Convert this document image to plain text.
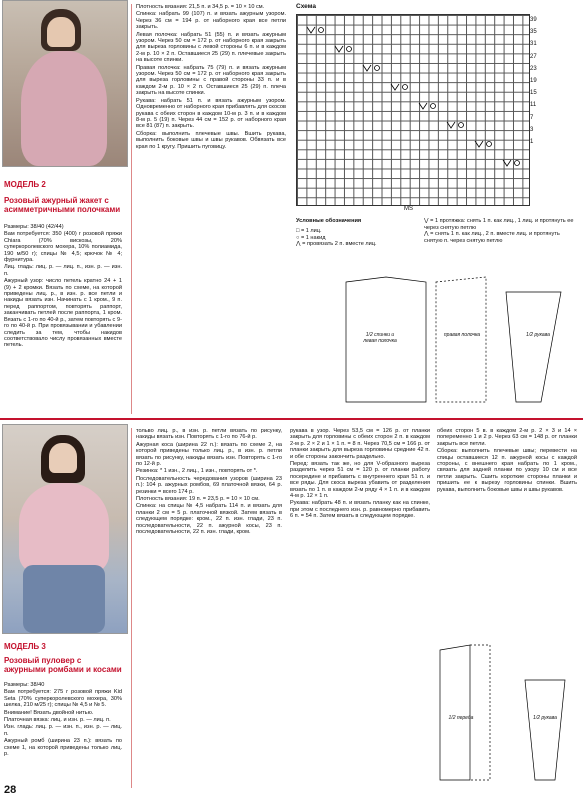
МОДЕЛЬ 2
Розовый ажурный жакет с асимметричными полочками

Размеры: 38/40 (42/44)

Вам потребуется: 350 (400) г розовой пряжи Chiara (70% вискозы, 20% суперкоролевского мохера, 10% полиамида, 190 м/50 г); спицы № 4,5; крючок № 4; фурнитура.

Лиц. гладь: лиц. р. — лиц. п., изн. р. — изн. п.

Ажурный узор: число петель кратно 24 + 1 (9) + 2 кромки. Вязать по схеме, на которой приведены лиц. р., в изн. р. все петли и накиды вязать изн. Начинать с 1 кром., 9 п. перед раппортом, повторять раппорт, заканчивать петлей после раппорта, 1 кром. Вязать с 1-го по 40-й р., затем повторять с 9-го по 40-й р. При провязывании и убавлении следить за тем, чтобы накидов соответствовало числу провязанных вместе петель.

Плотность вязания: 21,5 п. и 34,5 р. = 10 × 10 см.

Спинка: набрать 99 (107) п. и вязать ажурным узором. Через 36 см = 194 р. от наборного края все петли закрыть.

Левая полочка: набрать 51 (55) п. и вязать ажурным узором. Через 50 см = 172 р. от наборного края закрыть для выреза горловины с левой стороны 6 п. и в каждом 2-м р. 10 × 2 п. Оставшиеся 25 (29) п. плечевые закрыть на высоте спинки.

Правая полочка: набрать 75 (79) п. и вязать ажурным узором. Через 50 см = 172 р. от наборного края закрыть для выреза горловины с правой стороны 33 п. и в каждом 2-м р. 10 × 2 п. Оставшиеся 25 (29) п. плеча закрыть на высоте спинки.

Рукава: набрать 51 п. и вязать ажурным узором. Одновременно от наборного края прибавлять для скосов рукава с обеих сторон в каждом 10-м р. 3 п. и в каждом 8-м р. 5 (19) п. Через 44 см = 152 р. от наборного края все 81 (87) п. закрыть.

Сборка: выполнить плечевые швы. Вшить рукава, выполнить боковые швы и швы рукавов. Обвязать все края по 1 кругу. Пришить пуговицу.

Схема
39
35
31
27
23
19
15
11
7
3
1
MS
Условные обозначения
□ = 1 лиц.
○ = 1 накид
⋀ = провязать 2 п. вместе лиц.
⋁ = 1 протяжка: снять 1 п. как лиц., 1 лиц. и протянуть ее через снятую петлю
⋀ = снять 1 п. как лиц., 2 п. вместе лиц. и протянуть снятую п. через снятую петлю
1/2 спинки и левая полочка
правая полочка	1/2 рукава
МОДЕЛЬ 3
Розовый пуловер с ажурными ромбами и косами

Размеры: 38/40

Вам потребуется: 275 г розовой пряжи Kid Seta (70% суперкоролевского мохера, 30% шелка, 210 м/25 г); спицы № 4,5 и № 5.

Внимание! Вязать двойной нитью.

Платочная вязка: лиц. и изн. р. — лиц. п.

Изн. гладь: лиц. р. — изн. п., изн. р. — лиц. п.

Ажурный ромб (ширина 23 п.): вязать по схеме 1, на которой приведены только лиц. р.

тольво лиц. р., в изн. р. петли вязать по рисунку, накиды вязать изн. Повторять с 1-го по 76-й р.

Ажурная коса (ширина 22 п.): вязать по схеме 2, на которой приведены только лиц. р., в изн. р. петли вязать по рисунку, накиды вязать изн. Повторять с 1-го по 12-й р.

Резинка: * 1 изн., 2 лиц., 1 изн., повторять от *.

Последовательность чередования узоров (ширина 23 п.): 104 р. ажурных ромбов, 69 платочной вязки, 64 р. резинки = всего 174 р.

Плотность вязания: 19 п. = 23,5 р. = 10 × 10 см.

Спинка: на спицы № 4,5 набрать 114 п. и вязать для планки 2 см = 5 р. платочной вязкой. Затем вязать в следующем порядке: кром., 22 п. изн. глади, 23 п. последовательности, 22 п. ажурной косы, 23 п. последовательности, 22 п. изн. глади, кром.

рукава в узор. Через 53,5 см = 126 р. от планки закрыть для горловины с обеих сторон 2 п. в каждом 2-м р. 2 × 2 и 1 × 1 п. = 8 п. Через 70,5 см = 166 р. от планки закрыть для выреза горловины средние 42 п. и обе стороны закончить раздельно.

Перед: вязать так же, но для V-образного выреза разделить через 51 см = 120 р. от планки работу посередине и прибавить с внутреннего края 51 п. и все ряды. Для скоса выреза убавить от разделения вязать по 1 п. в каждом 2-м ряду 4 × 1 п. и в каждом 4-м р. 12 × 1 п.

Рукава: набрать 48 п. и вязать планку как на спинке, при этом с последнего изн. р. равномерно прибавить 6 п. = 54 п. Затем вязать в следующем порядке.

обеих сторон 5 в. в каждом 2-м р. 2 × 3 и 14 × попеременно 1 и 2 р. Через 63 см = 148 р. от планки закрыть все петли.

Сборка: выполнить плечевые швы; перевести на спицы оставшиеся 12 п. ажурной косы с каждой стороны, с внешнего края набрать по 1 кром., связать для задней планки по узору 10 см и все петли закрыть. Сшить короткие стороны планки и пришить ее к вырезу горловины спинки. Вшить рукава, выполнить боковые швы и швы рукавов.

1/2 переда	1/2 рукава
28
